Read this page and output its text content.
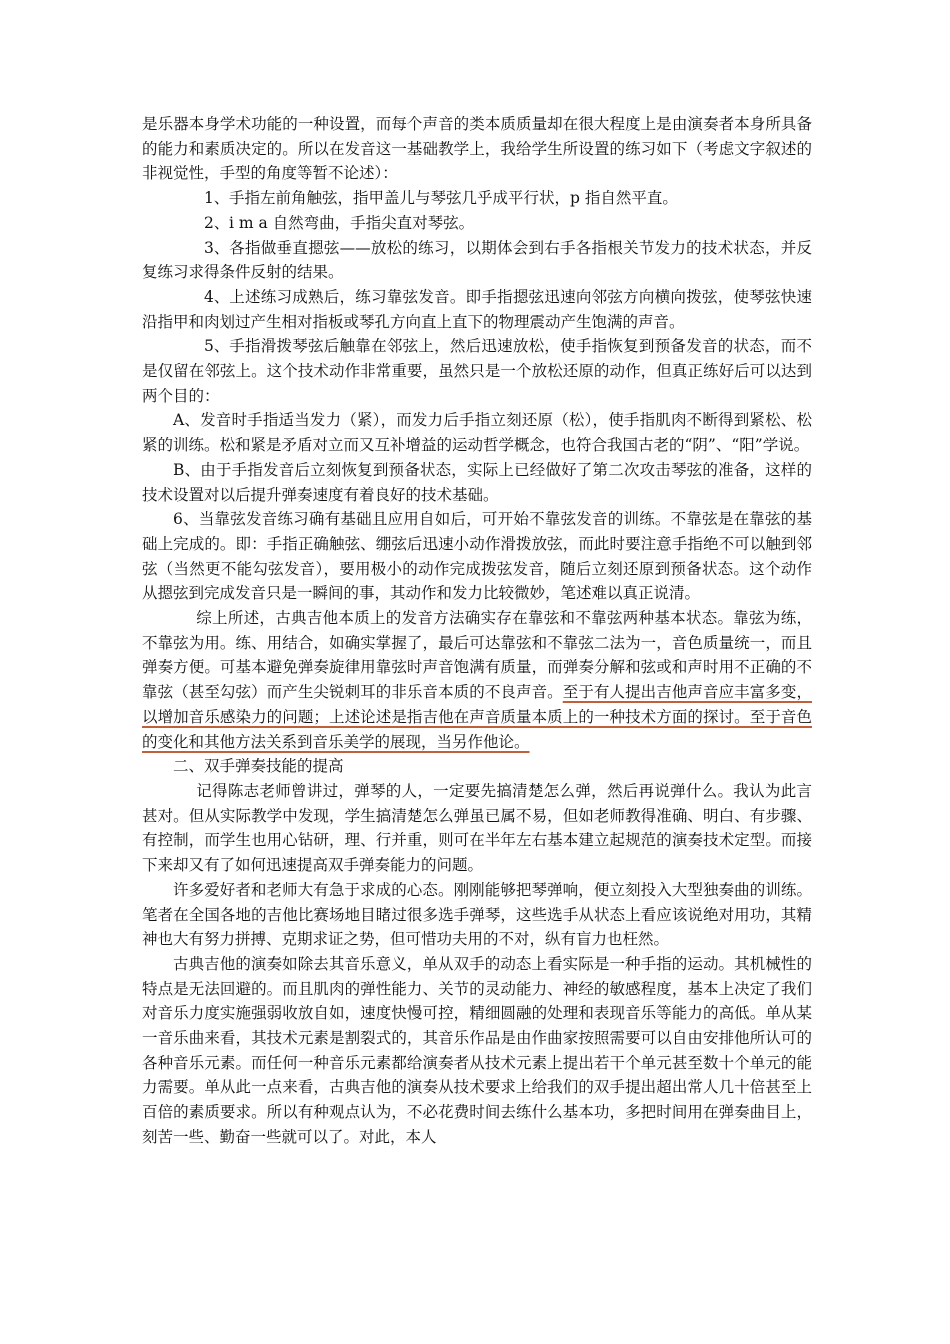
是乐器本身学术功能的一种设置，而每个声音的类本质质量却在很大程度上是由演奏者本身所具备的能力和素质决定的。所以在发音这一基础教学上，我给学生所设置的练习如下（考虑文字叙述的非视觉性，手型的角度等暂不论述）：

1、手指左前角触弦，指甲盖儿与琴弦几乎成平行状，p 指自然平直。

2、i m a 自然弯曲，手指尖直对琴弦。

3、各指做垂直摁弦——放松的练习，以期体会到右手各指根关节发力的技术状态，并反复练习求得条件反射的结果。

4、上述练习成熟后，练习靠弦发音。即手指摁弦迅速向邻弦方向横向拨弦，使琴弦快速沿指甲和肉划过产生相对指板或琴孔方向直上直下的物理震动产生饱满的声音。

5、手指滑拨琴弦后触靠在邻弦上，然后迅速放松，使手指恢复到预备发音的状态，而不是仅留在邻弦上。这个技术动作非常重要，虽然只是一个放松还原的动作，但真正练好后可以达到两个目的：

A、发音时手指适当发力（紧），而发力后手指立刻还原（松），使手指肌肉不断得到紧松、松紧的训练。松和紧是矛盾对立而又互补增益的运动哲学概念，也符合我国古老的“阴”、“阳”学说。

B、由于手指发音后立刻恢复到预备状态，实际上已经做好了第二次攻击琴弦的准备，这样的技术设置对以后提升弹奏速度有着良好的技术基础。

6、当靠弦发音练习确有基础且应用自如后，可开始不靠弦发音的训练。不靠弦是在靠弦的基础上完成的。即：手指正确触弦、绷弦后迅速小动作滑拨放弦，而此时要注意手指绝不可以触到邻弦（当然更不能勾弦发音），要用极小的动作完成拨弦发音，随后立刻还原到预备状态。这个动作从摁弦到完成发音只是一瞬间的事，其动作和发力比较微妙，笔述难以真正说清。

综上所述，古典吉他本质上的发音方法确实存在靠弦和不靠弦两种基本状态。靠弦为练，不靠弦为用。练、用结合，如确实掌握了，最后可达靠弦和不靠弦二法为一，音色质量统一，而且弹奏方便。可基本避免弹奏旋律用靠弦时声音饱满有质量，而弹奏分解和弦或和声时用不正确的不靠弦（甚至勾弦）而产生尖锐刺耳的非乐音本质的不良声音。至于有人提出吉他声音应丰富多变，以增加音乐感染力的问题；上述论述是指吉他在声音质量本质上的一种技术方面的探讨。至于音色的变化和其他方法关系到音乐美学的展现，当另作他论。

二、双手弹奏技能的提高

记得陈志老师曾讲过，弹琴的人，一定要先搞清楚怎么弹，然后再说弹什么。我认为此言甚对。但从实际教学中发现，学生搞清楚怎么弹虽已属不易，但如老师教得准确、明白、有步骤、有控制，而学生也用心钻研，理、行并重，则可在半年左右基本建立起规范的演奏技术定型。而接下来却又有了如何迅速提高双手弹奏能力的问题。

许多爱好者和老师大有急于求成的心态。刚刚能够把琴弹响，便立刻投入大型独奏曲的训练。笔者在全国各地的吉他比赛场地目睹过很多选手弹琴，这些选手从状态上看应该说绝对用功，其精神也大有努力拼搏、克期求证之势，但可惜功夫用的不对，纵有盲力也枉然。

古典吉他的演奏如除去其音乐意义，单从双手的动态上看实际是一种手指的运动。其机械性的特点是无法回避的。而且肌肉的弹性能力、关节的灵动能力、神经的敏感程度，基本上决定了我们对音乐力度实施强弱收放自如，速度快慢可控，精细圆融的处理和表现音乐等能力的高低。单从某一音乐曲来看，其技术元素是割裂式的，其音乐作品是由作曲家按照需要可以自由安排他所认可的各种音乐元素。而任何一种音乐元素都给演奏者从技术元素上提出若干个单元甚至数十个单元的能力需要。单从此一点来看，古典吉他的演奏从技术要求上给我们的双手提出超出常人几十倍甚至上百倍的素质要求。所以有种观点认为，不必花费时间去练什么基本功，多把时间用在弹奏曲目上，刻苦一些、勤奋一些就可以了。对此，本人
